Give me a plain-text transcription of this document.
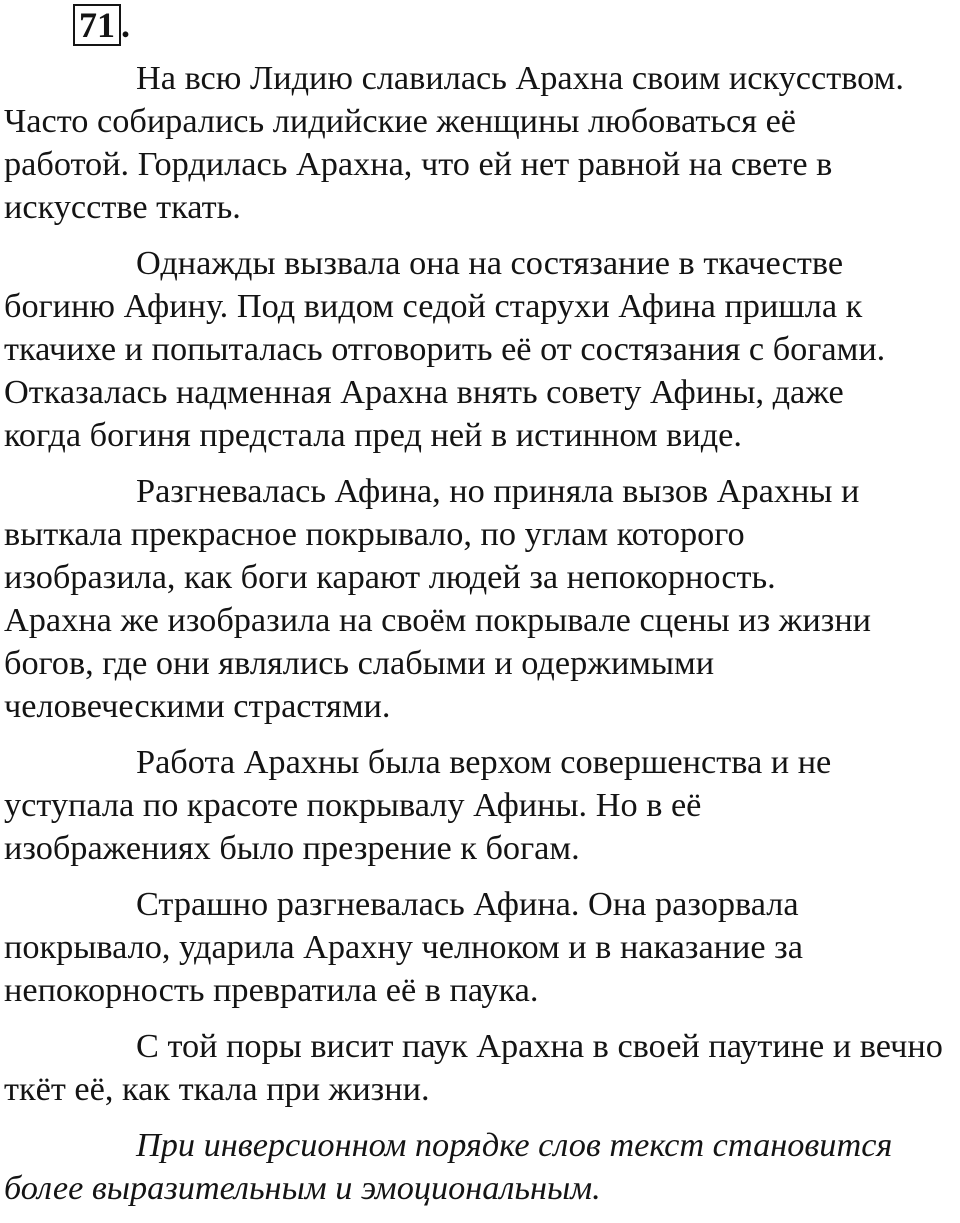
71 .
На всю Лидию славилась Арахна своим искусством.
Часто собирались лидийские женщины любоваться её
работой. Гордилась Арахна, что ей нет равной на свете в
искусстве ткать.
Однажды вызвала она на состязание в ткачестве
богиню Афину. Под видом седой старухи Афина пришла к
ткачихе и попыталась отговорить её от состязания с богами.
Отказалась надменная Арахна внять совету Афины, даже
когда богиня предстала пред ней в истинном виде.
Разгневалась Афина, но приняла вызов Арахны и
выткала прекрасное покрывало, по углам которого
изобразила, как боги карают людей за непокорность.
Арахна же изобразила на своём покрывале сцены из жизни
богов, где они являлись слабыми и одержимыми
человеческими страстями.
Работа Арахны была верхом совершенства и не
уступала по красоте покрывалу Афины. Но в её
изображениях было презрение к богам.
Страшно разгневалась Афина. Она разорвала
покрывало, ударила Арахну челноком и в наказание за
непокорность превратила её в паука.
С той поры висит паук Арахна в своей паутине и вечно
ткёт её, как ткала при жизни.
При инверсионном порядке слов текст становится
более выразительным и эмоциональным.
